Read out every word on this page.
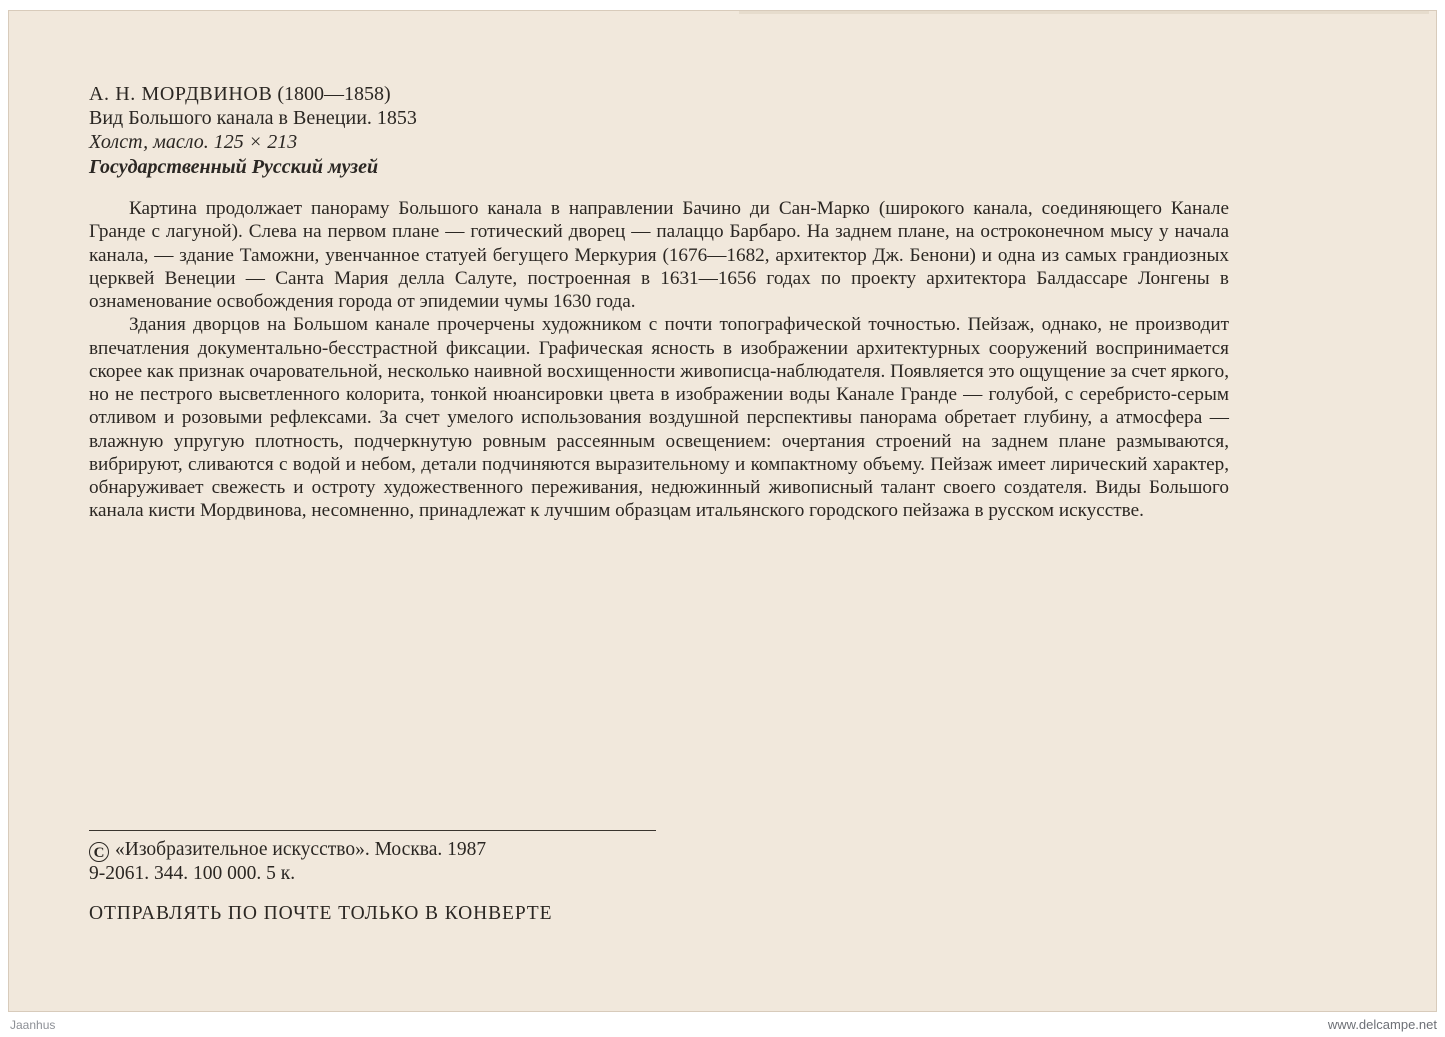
А. Н. МОРДВИНОВ (1800—1858)
Вид Большого канала в Венеции. 1853
Холст, масло. 125 × 213
Государственный Русский музей

Картина продолжает панораму Большого канала в направлении Бачино ди Сан-Марко (широкого канала, соединяющего Канале Гранде с лагуной). Слева на первом плане — готический дворец — палаццо Барбаро. На заднем плане, на остроконечном мысу у начала канала, — здание Таможни, увенчанное статуей бегущего Меркурия (1676—1682, архитектор Дж. Бенони) и одна из самых грандиозных церквей Венеции — Санта Мария делла Салуте, построенная в 1631—1656 годах по проекту архитектора Балдассаре Лонгены в ознаменование освобождения города от эпидемии чумы 1630 года.

Здания дворцов на Большом канале прочерчены художником с почти топографической точностью. Пейзаж, однако, не производит впечатления документально-бесстрастной фиксации. Графическая ясность в изображении архитектурных сооружений воспринимается скорее как признак очаровательной, несколько наивной восхищенности живописца-наблюдателя. Появляется это ощущение за счет яркого, но не пестрого высветленного колорита, тонкой нюансировки цвета в изображении воды Канале Гранде — голубой, с серебристо-серым отливом и розовыми рефлексами. За счет умелого использования воздушной перспективы панорама обретает глубину, а атмосфера — влажную упругую плотность, подчеркнутую ровным рассеянным освещением: очертания строений на заднем плане размываются, вибрируют, сливаются с водой и небом, детали подчиняются выразительному и компактному объему. Пейзаж имеет лирический характер, обнаруживает свежесть и остроту художественного переживания, недюжинный живописный талант своего создателя. Виды Большого канала кисти Мордвинова, несомненно, принадлежат к лучшим образцам итальянского городского пейзажа в русском искусстве.

C «Изобразительное искусство». Москва. 1987
9-2061. 344. 100 000. 5 к.
ОТПРАВЛЯТЬ ПО ПОЧТЕ ТОЛЬКО В КОНВЕРТЕ
Jaanhus	www.delcampe.net
